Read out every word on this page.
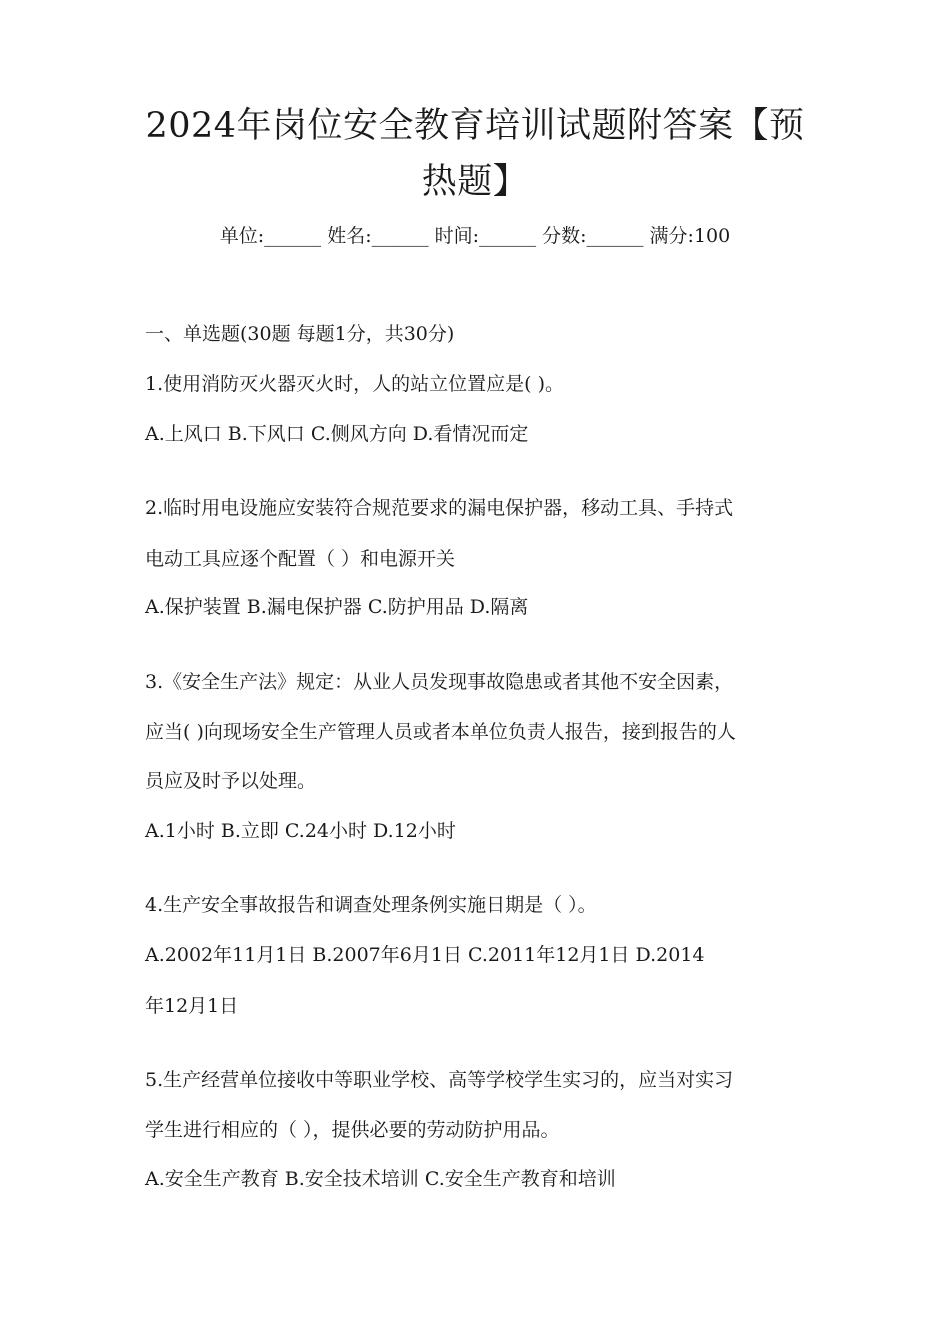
2024年岗位安全教育培训试题附答案【预
热题】
单位:______ 姓名:______ 时间:______ 分数:______ 满分:100
一、单选题(30题 每题1分，共30分)
1.使用消防灭火器灭火时，人的站立位置应是( )。
A.上风口 B.下风口 C.侧风方向 D.看情况而定
2.临时用电设施应安装符合规范要求的漏电保护器，移动工具、手持式
电动工具应逐个配置（ ）和电源开关
A.保护装置 B.漏电保护器 C.防护用品 D.隔离
3.《安全生产法》规定：从业人员发现事故隐患或者其他不安全因素，
应当( )向现场安全生产管理人员或者本单位负责人报告，接到报告的人
员应及时予以处理。
A.1小时 B.立即 C.24小时 D.12小时
4.生产安全事故报告和调查处理条例实施日期是（ ）。
A.2002年11月1日 B.2007年6月1日 C.2011年12月1日 D.2014
年12月1日
5.生产经营单位接收中等职业学校、高等学校学生实习的，应当对实习
学生进行相应的（ ），提供必要的劳动防护用品。
A.安全生产教育 B.安全技术培训 C.安全生产教育和培训
